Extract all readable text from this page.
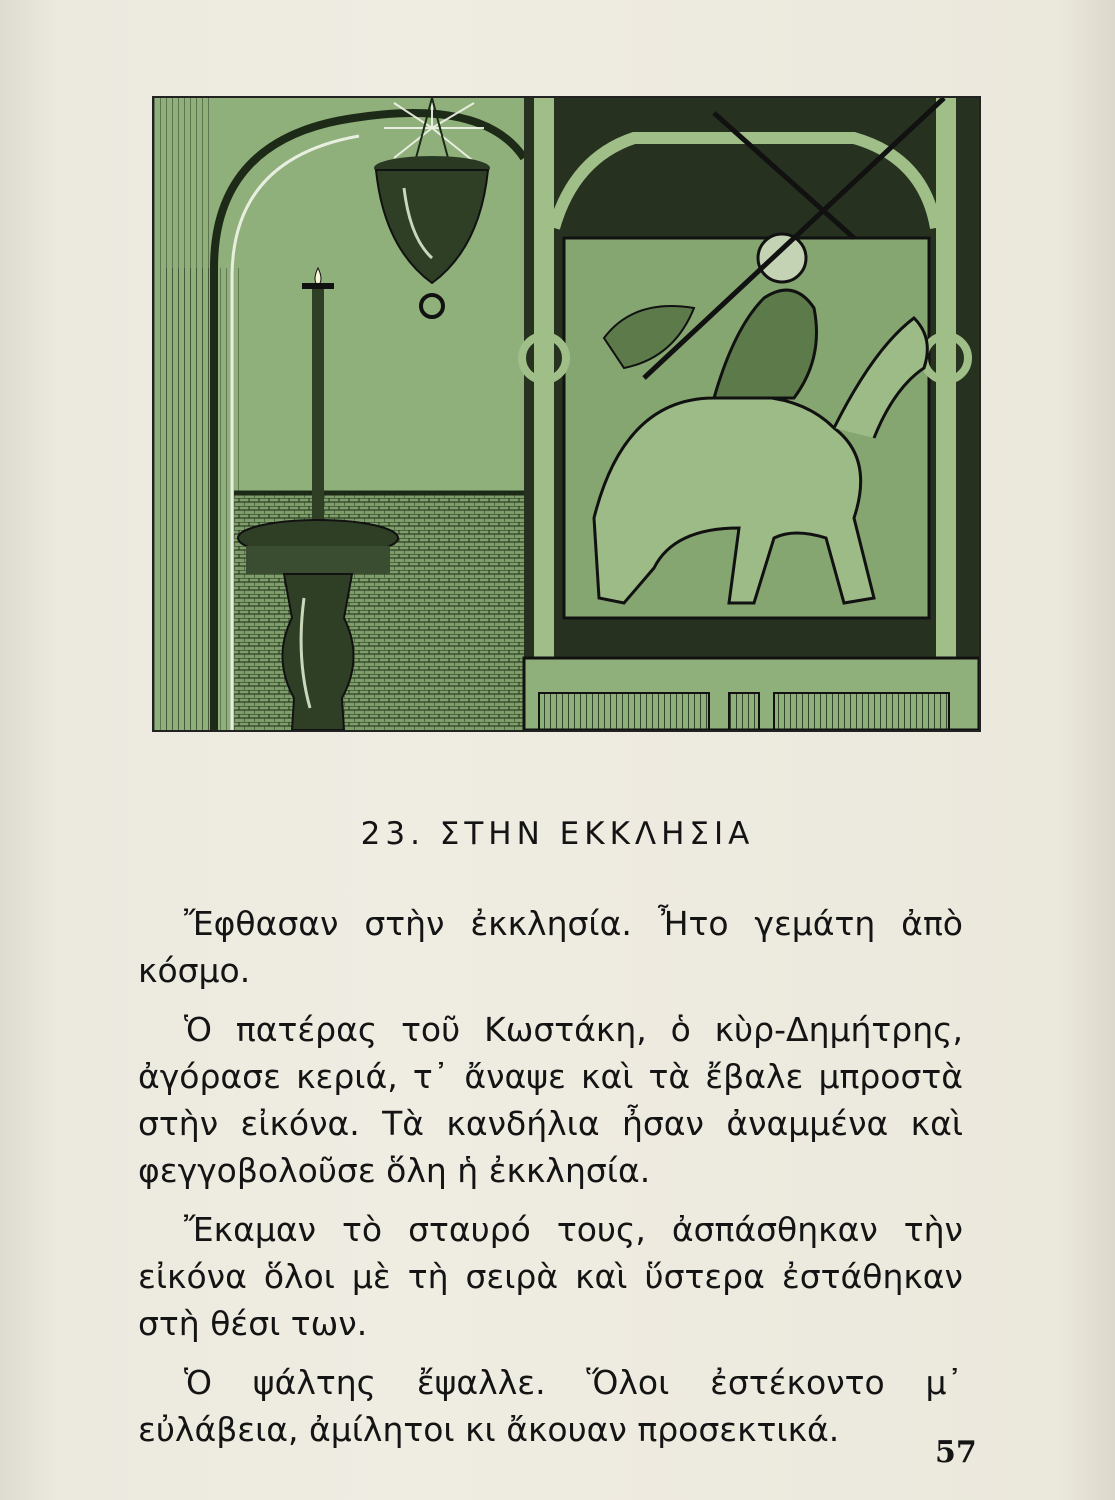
23. ΣΤΗΝ ΕΚΚΛΗΣΙΑ

Ἔφθασαν στὴν ἐκκλησία. Ἦτο γεμάτη ἀπὸ κόσμο.

Ὁ πατέρας τοῦ Κωστάκη, ὁ κὺρ-Δημήτρης, ἀγόρασε κεριά, τ᾿ ἄναψε καὶ τὰ ἔβαλε μπροστὰ στὴν εἰκόνα. Τὰ κανδήλια ἦσαν ἀναμμένα καὶ φεγγοβολοῦσε ὅλη ἡ ἐκκλησία.

Ἔκαμαν τὸ σταυρό τους, ἀσπάσθηκαν τὴν εἰκόνα ὅλοι μὲ τὴ σειρὰ καὶ ὕστερα ἐστάθηκαν στὴ θέσι των.

Ὁ ψάλτης ἔψαλλε. Ὅλοι ἐστέκοντο μ᾿ εὐλάβεια, ἀμίλητοι κι ἄκουαν προσεκτικά.

57
